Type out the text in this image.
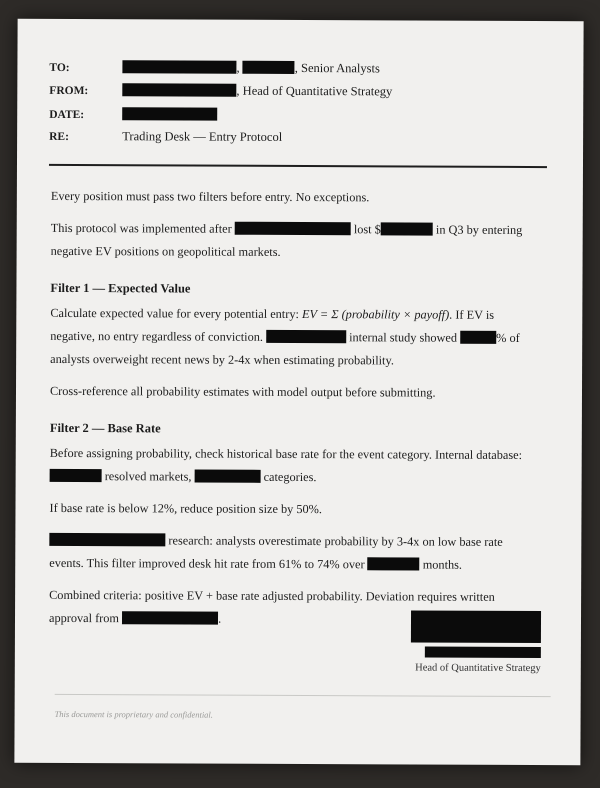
TO:	,	, Senior Analysts
FROM:	, Head of Quantitative Strategy
DATE:
RE:	Trading Desk — Entry Protocol

Every position must pass two filters before entry. No exceptions.

This protocol was implemented after	lost $	in Q3 by entering negative EV positions on geopolitical markets.

Filter 1 — Expected Value

Calculate expected value for every potential entry: EV = Σ (probability × payoff). If EV is negative, no entry regardless of conviction.	internal study showed	% of analysts overweight recent news by 2-4x when estimating probability.

Cross-reference all probability estimates with model output before submitting.

Filter 2 — Base Rate

Before assigning probability, check historical base rate for the event category. Internal database:  resolved markets,	categories.

If base rate is below 12%, reduce position size by 50%.

research: analysts overestimate probability by 3-4x on low base rate events. This filter improved desk hit rate from 61% to 74% over	months.

Combined criteria: positive EV + base rate adjusted probability. Deviation requires written approval from	.

Head of Quantitative Strategy
This document is proprietary and confidential.
